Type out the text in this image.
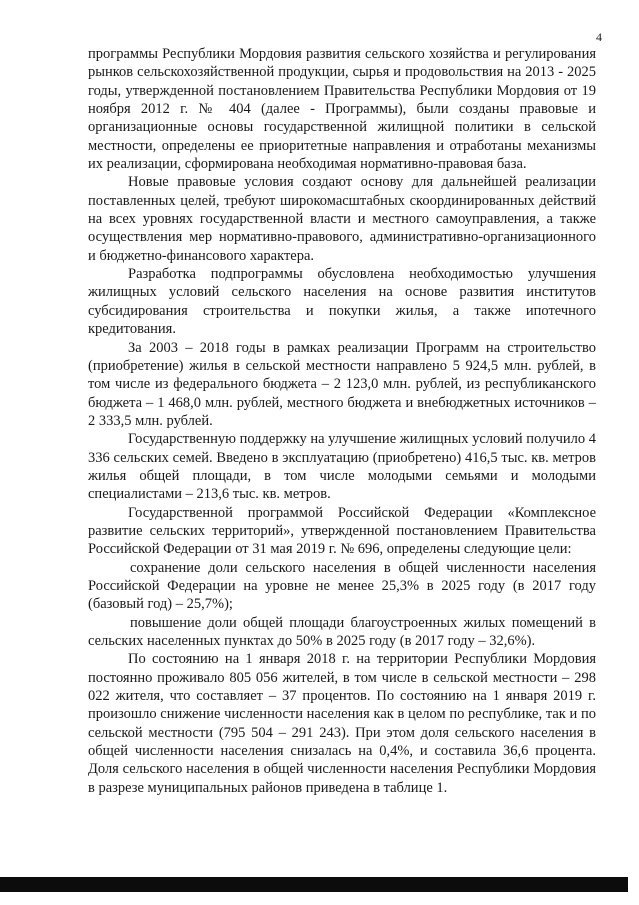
4

программы Республики Мордовия развития сельского хозяйства и регулирования рынков сельскохозяйственной продукции, сырья и продовольствия на 2013 - 2025 годы, утвержденной постановлением Правительства Республики Мордовия от 19 ноября 2012 г. № 404 (далее - Программы), были созданы правовые и организационные основы государственной жилищной политики в сельской местности, определены ее приоритетные направления и отработаны механизмы их реализации, сформирована необходимая нормативно-правовая база.

Новые правовые условия создают основу для дальнейшей реализации поставленных целей, требуют широкомасштабных скоординированных действий на всех уровнях государственной власти и местного самоуправления, а также осуществления мер нормативно-правового, административно-организационного и бюджетно-финансового характера.

Разработка подпрограммы обусловлена необходимостью улучшения жилищных условий сельского населения на основе развития институтов субсидирования строительства и покупки жилья, а также ипотечного кредитования.

За 2003 – 2018 годы в рамках реализации Программ на строительство (приобретение) жилья в сельской местности направлено 5 924,5 млн. рублей, в том числе из федерального бюджета – 2 123,0 млн. рублей, из республиканского бюджета – 1 468,0 млн. рублей, местного бюджета и внебюджетных источников – 2 333,5 млн. рублей.

Государственную поддержку на улучшение жилищных условий получило 4 336 сельских семей. Введено в эксплуатацию (приобретено) 416,5 тыс. кв. метров жилья общей площади, в том числе молодыми семьями и молодыми специалистами – 213,6 тыс. кв. метров.

Государственной программой Российской Федерации «Комплексное развитие сельских территорий», утвержденной постановлением Правительства Российской Федерации от 31 мая 2019 г. № 696, определены следующие цели:

сохранение доли сельского населения в общей численности населения Российской Федерации на уровне не менее 25,3% в 2025 году (в 2017 году (базовый год) – 25,7%);

повышение доли общей площади благоустроенных жилых помещений в сельских населенных пунктах до 50% в 2025 году (в 2017 году – 32,6%).

По состоянию на 1 января 2018 г. на территории Республики Мордовия постоянно проживало 805 056 жителей, в том числе в сельской местности – 298 022 жителя, что составляет – 37 процентов. По состоянию на 1 января 2019 г. произошло снижение численности населения как в целом по республике, так и по сельской местности (795 504 – 291 243). При этом доля сельского населения в общей численности населения снизалась на 0,4%, и составила 36,6 процента. Доля сельского населения в общей численности населения Республики Мордовия в разрезе муниципальных районов приведена в таблице 1.
